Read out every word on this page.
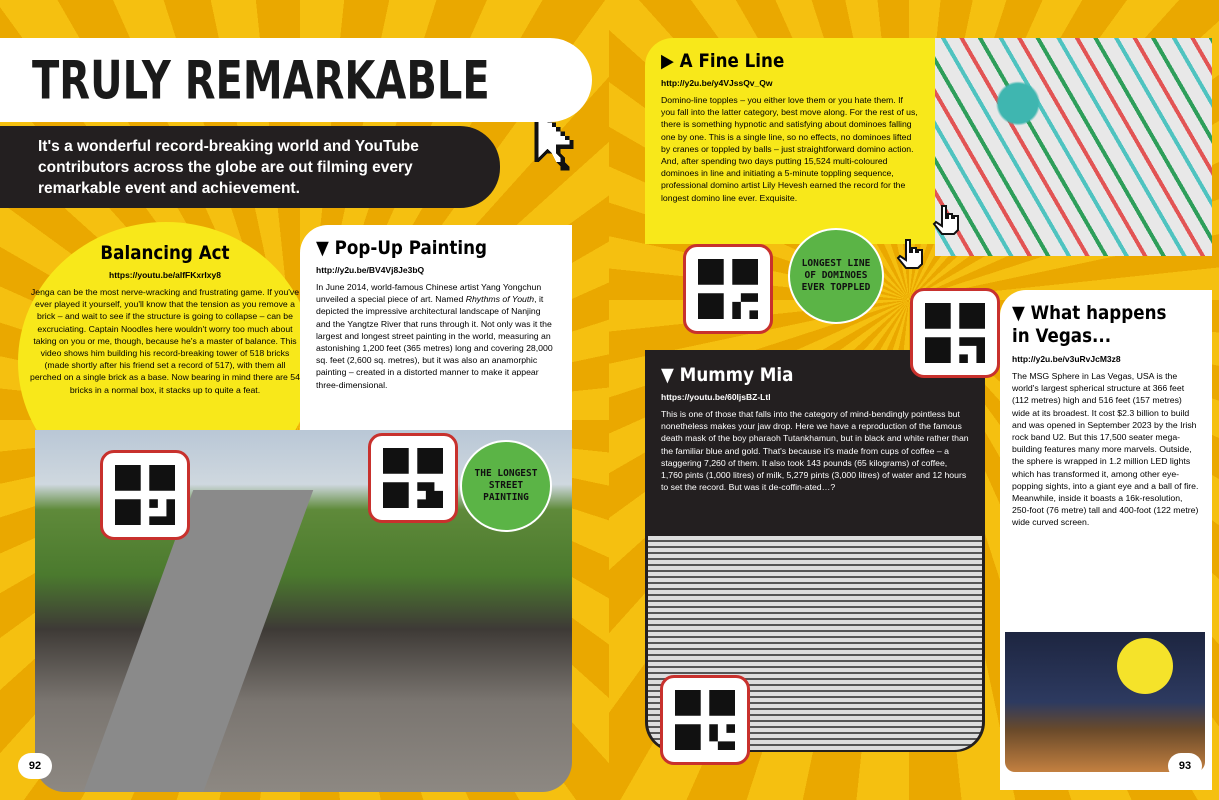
TRULY REMARKABLE
It's a wonderful record-breaking world and YouTube contributors across the globe are out filming every remarkable event and achievement.
Balancing Act
https://youtu.be/alfFKxrIxy8

Jenga can be the most nerve-wracking and frustrating game. If you've ever played it yourself, you'll know that the tension as you remove a brick – and wait to see if the structure is going to collapse – can be excruciating. Captain Noodles here wouldn't worry too much about taking on you or me, though, because he's a master of balance. This video shows him building his record-breaking tower of 518 bricks (made shortly after his friend set a record of 517), with them all perched on a single brick as a base. Now bearing in mind there are 54 bricks in a normal box, it stacks up to quite a feat.

▼ Pop-Up Painting
http://y2u.be/BV4Vj8Je3bQ

In June 2014, world-famous Chinese artist Yang Yongchun unveiled a special piece of art. Named Rhythms of Youth, it depicted the impressive architectural landscape of Nanjing and the Yangtze River that runs through it. Not only was it the largest and longest street painting in the world, measuring an astonishing 1,200 feet (365 metres) long and covering 28,000 sq. feet (2,600 sq. metres), but it was also an anamorphic painting – created in a distorted manner to make it appear three-dimensional.

THE LONGEST STREET PAINTING
▶ A Fine Line
http://y2u.be/y4VJssQv_Qw

Domino-line topples – you either love them or you hate them. If you fall into the latter category, best move along. For the rest of us, there is something hypnotic and satisfying about dominoes falling one by one. This is a single line, so no effects, no dominoes lifted by cranes or toppled by balls – just straightforward domino action. And, after spending two days putting 15,524 multi-coloured dominoes in line and initiating a 5-minute toppling sequence, professional domino artist Lily Hevesh earned the record for the longest domino line ever. Exquisite.

LONGEST LINE OF DOMINOES EVER TOPPLED
▼ Mummy Mia
https://youtu.be/60ljsBZ-Ltl

This is one of those that falls into the category of mind-bendingly pointless but nonetheless makes your jaw drop. Here we have a reproduction of the famous death mask of the boy pharaoh Tutankhamun, but in black and white rather than the familiar blue and gold. That's because it's made from cups of coffee – a staggering 7,260 of them. It also took 143 pounds (65 kilograms) of coffee, 1,760 pints (1,000 litres) of milk, 5,279 pints (3,000 litres) of water and 12 hours to set the record. But was it de-coffin-ated…?

▼ What happens in Vegas...
http://y2u.be/v3uRvJcM3z8

The MSG Sphere in Las Vegas, USA is the world's largest spherical structure at 366 feet (112 metres) high and 516 feet (157 metres) wide at its broadest. It cost $2.3 billion to build and was opened in September 2023 by the Irish rock band U2. But this 17,500 seater mega-building features many more marvels. Outside, the sphere is wrapped in 1.2 million LED lights which has transformed it, among other eye-popping sights, into a giant eye and a ball of fire. Meanwhile, inside it boasts a 16k-resolution, 250-foot (76 metre) tall and 400-foot (122 metre) wide curved screen.

92	93
